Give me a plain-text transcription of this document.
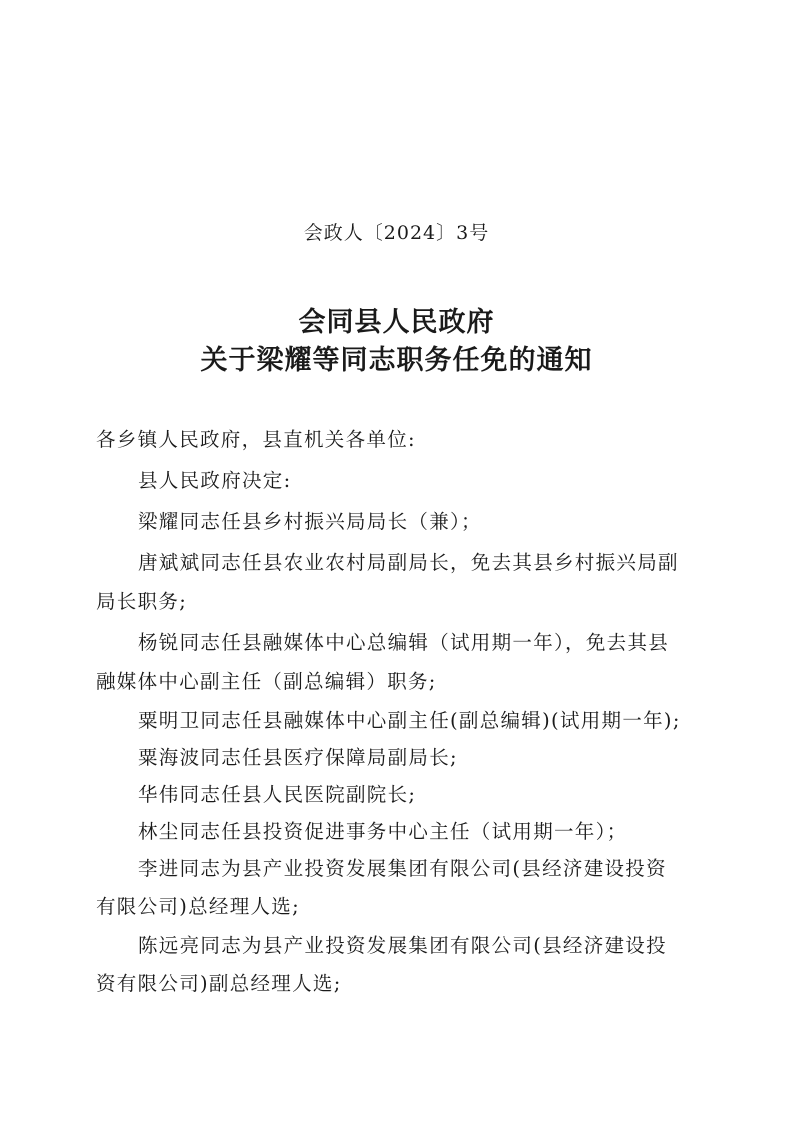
会政人〔2024〕3号
会同县人民政府
关于梁耀等同志职务任免的通知
各乡镇人民政府，县直机关各单位:
县人民政府决定:
梁耀同志任县乡村振兴局局长（兼）；
唐斌斌同志任县农业农村局副局长，免去其县乡村振兴局副
局长职务;
杨锐同志任县融媒体中心总编辑（试用期一年），免去其县
融媒体中心副主任（副总编辑）职务;
粟明卫同志任县融媒体中心副主任(副总编辑)(试用期一年);
粟海波同志任县医疗保障局副局长;
华伟同志任县人民医院副院长;
林尘同志任县投资促进事务中心主任（试用期一年）；
李进同志为县产业投资发展集团有限公司(县经济建设投资
有限公司)总经理人选;
陈远亮同志为县产业投资发展集团有限公司(县经济建设投
资有限公司)副总经理人选;
